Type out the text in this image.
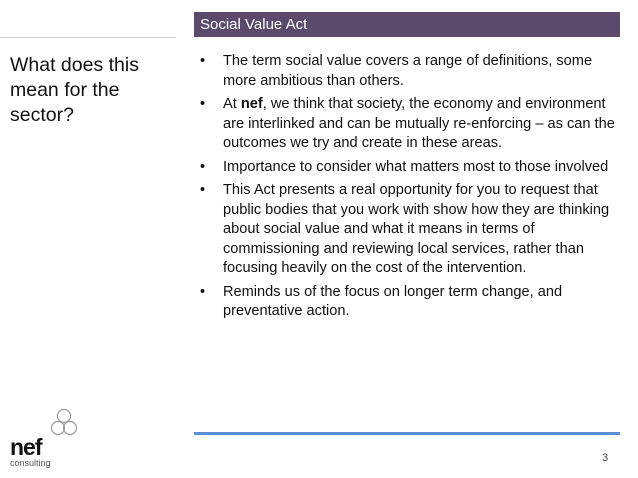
Social Value Act
What does this mean for the sector?
• The term social value covers a range of definitions, some more ambitious than others.
• At nef, we think that society, the economy and environment are interlinked and can be mutually re-enforcing – as can the outcomes we try and create in these areas.
• Importance to consider what matters most to those involved
• This Act presents a real opportunity for you to request that public bodies that you work with show how they are thinking about social value and what it means in terms of commissioning and reviewing local services, rather than focusing heavily on the cost of the intervention.
• Reminds us of the focus on longer term change, and preventative action.
nef
consulting	3
